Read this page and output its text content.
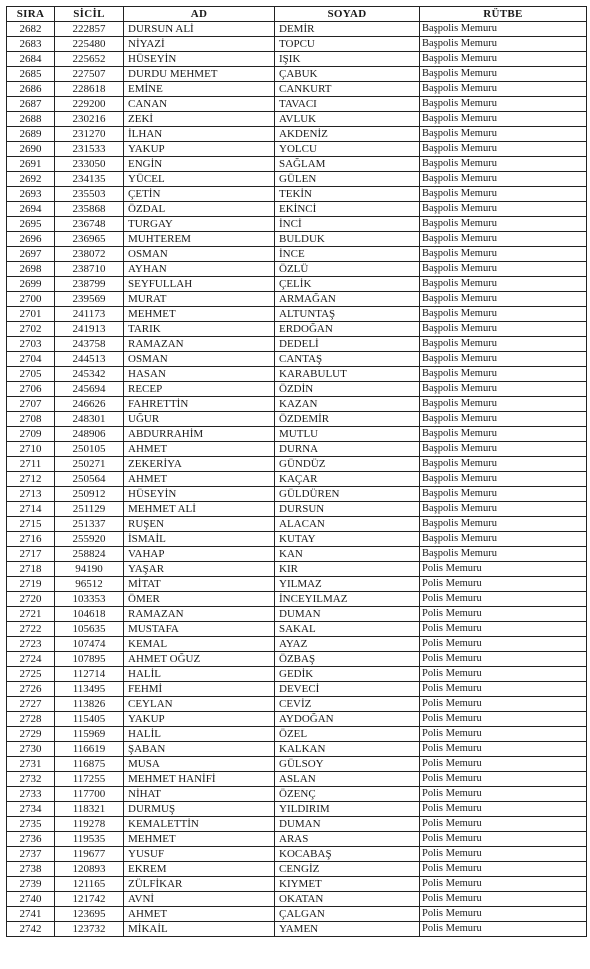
SIRA	SİCİL	AD	SOYAD	RÜTBE
2682	222857	DURSUN ALİ	DEMİR	Başpolis Memuru
2683	225480	NİYAZİ	TOPCU	Başpolis Memuru
2684	225652	HÜSEYİN	IŞIK	Başpolis Memuru
2685	227507	DURDU MEHMET	ÇABUK	Başpolis Memuru
2686	228618	EMİNE	CANKURT	Başpolis Memuru
2687	229200	CANAN	TAVACI	Başpolis Memuru
2688	230216	ZEKİ	AVLUK	Başpolis Memuru
2689	231270	İLHAN	AKDENİZ	Başpolis Memuru
2690	231533	YAKUP	YOLCU	Başpolis Memuru
2691	233050	ENGİN	SAĞLAM	Başpolis Memuru
2692	234135	YÜCEL	GÜLEN	Başpolis Memuru
2693	235503	ÇETİN	TEKİN	Başpolis Memuru
2694	235868	ÖZDAL	EKİNCİ	Başpolis Memuru
2695	236748	TURGAY	İNCİ	Başpolis Memuru
2696	236965	MUHTEREM	BULDUK	Başpolis Memuru
2697	238072	OSMAN	İNCE	Başpolis Memuru
2698	238710	AYHAN	ÖZLÜ	Başpolis Memuru
2699	238799	SEYFULLAH	ÇELİK	Başpolis Memuru
2700	239569	MURAT	ARMAĞAN	Başpolis Memuru
2701	241173	MEHMET	ALTUNTAŞ	Başpolis Memuru
2702	241913	TARIK	ERDOĞAN	Başpolis Memuru
2703	243758	RAMAZAN	DEDELİ	Başpolis Memuru
2704	244513	OSMAN	CANTAŞ	Başpolis Memuru
2705	245342	HASAN	KARABULUT	Başpolis Memuru
2706	245694	RECEP	ÖZDİN	Başpolis Memuru
2707	246626	FAHRETTİN	KAZAN	Başpolis Memuru
2708	248301	UĞUR	ÖZDEMİR	Başpolis Memuru
2709	248906	ABDURRAHİM	MUTLU	Başpolis Memuru
2710	250105	AHMET	DURNA	Başpolis Memuru
2711	250271	ZEKERİYA	GÜNDÜZ	Başpolis Memuru
2712	250564	AHMET	KAÇAR	Başpolis Memuru
2713	250912	HÜSEYİN	GÜLDÜREN	Başpolis Memuru
2714	251129	MEHMET ALİ	DURSUN	Başpolis Memuru
2715	251337	RUŞEN	ALACAN	Başpolis Memuru
2716	255920	İSMAİL	KUTAY	Başpolis Memuru
2717	258824	VAHAP	KAN	Başpolis Memuru
2718	94190	YAŞAR	KIR	Polis Memuru
2719	96512	MİTAT	YILMAZ	Polis Memuru
2720	103353	ÖMER	İNCEYILMAZ	Polis Memuru
2721	104618	RAMAZAN	DUMAN	Polis Memuru
2722	105635	MUSTAFA	SAKAL	Polis Memuru
2723	107474	KEMAL	AYAZ	Polis Memuru
2724	107895	AHMET OĞUZ	ÖZBAŞ	Polis Memuru
2725	112714	HALİL	GEDİK	Polis Memuru
2726	113495	FEHMİ	DEVECİ	Polis Memuru
2727	113826	CEYLAN	CEVİZ	Polis Memuru
2728	115405	YAKUP	AYDOĞAN	Polis Memuru
2729	115969	HALİL	ÖZEL	Polis Memuru
2730	116619	ŞABAN	KALKAN	Polis Memuru
2731	116875	MUSA	GÜLSOY	Polis Memuru
2732	117255	MEHMET HANİFİ	ASLAN	Polis Memuru
2733	117700	NİHAT	ÖZENÇ	Polis Memuru
2734	118321	DURMUŞ	YILDIRIM	Polis Memuru
2735	119278	KEMALETTİN	DUMAN	Polis Memuru
2736	119535	MEHMET	ARAS	Polis Memuru
2737	119677	YUSUF	KOCABAŞ	Polis Memuru
2738	120893	EKREM	CENGİZ	Polis Memuru
2739	121165	ZÜLFİKAR	KIYMET	Polis Memuru
2740	121742	AVNİ	OKATAN	Polis Memuru
2741	123695	AHMET	ÇALGAN	Polis Memuru
2742	123732	MİKAİL	YAMEN	Polis Memuru
